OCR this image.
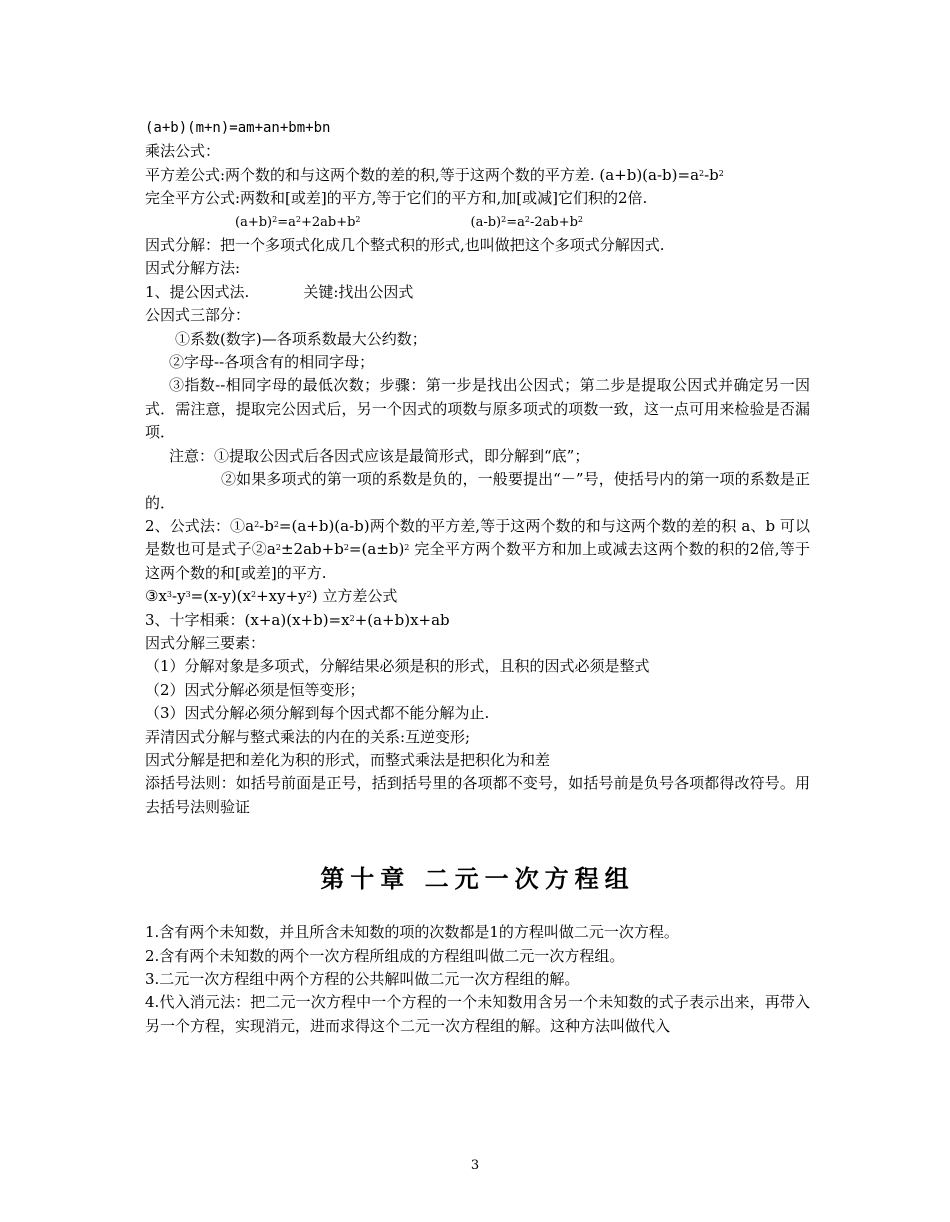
(a+b)(m+n)=am+an+bm+bn
乘法公式：
平方差公式:两个数的和与这两个数的差的积,等于这两个数的平方差. $(a+b)(a-b)=a^2-b^2$
完全平方公式:两数和[或差]的平方,等于它们的平方和,加[或减]它们积的2倍.
$(a+b)^2=a^2+2ab+b^2$	$(a-b)^2=a^2-2ab+b^2$
因式分解：把一个多项式化成几个整式积的形式,也叫做把这个多项式分解因式.
因式分解方法:
1、提公因式法.	关键:找出公因式
公因式三部分：
①系数(数字)—各项系数最大公约数；
②字母--各项含有的相同字母；
③指数--相同字母的最低次数；步骤：第一步是找出公因式；第二步是提取公因式并确定另一因式．需注意，提取完公因式后，另一个因式的项数与原多项式的项数一致，这一点可用来检验是否漏项．
注意：①提取公因式后各因式应该是最简形式，即分解到“底”；
②如果多项式的第一项的系数是负的，一般要提出“－”号，使括号内的第一项的系数是正的．
2、公式法：$①a^2-b^2=(a+b)(a-b)$两个数的平方差,等于这两个数的和与这两个数的差的积 a、b 可以是数也可是式子$②a^2\pm 2ab+b^2=(a\pm b)^2$ 完全平方两个数平方和加上或减去这两个数的积的2倍,等于这两个数的和[或差]的平方.
$③x^3-y^3=(x-y)(x^2+xy+y^2)$ 立方差公式
3、十字相乘：$(x+a)(x+b)=x^2+(a+b)x+ab$
因式分解三要素：
（1）分解对象是多项式，分解结果必须是积的形式，且积的因式必须是整式
（2）因式分解必须是恒等变形；
（3）因式分解必须分解到每个因式都不能分解为止.
弄清因式分解与整式乘法的内在的关系:互逆变形;
因式分解是把和差化为积的形式，而整式乘法是把积化为和差
添括号法则：如括号前面是正号，括到括号里的各项都不变号，如括号前是负号各项都得改符号。用去括号法则验证
第十章 二元一次方程组
1.含有两个未知数，并且所含未知数的项的次数都是1的方程叫做二元一次方程。
2.含有两个未知数的两个一次方程所组成的方程组叫做二元一次方程组。
3.二元一次方程组中两个方程的公共解叫做二元一次方程组的解。
4.代入消元法：把二元一次方程中一个方程的一个未知数用含另一个未知数的式子表示出来，再带入另一个方程，实现消元，进而求得这个二元一次方程组的解。这种方法叫做代入
3
